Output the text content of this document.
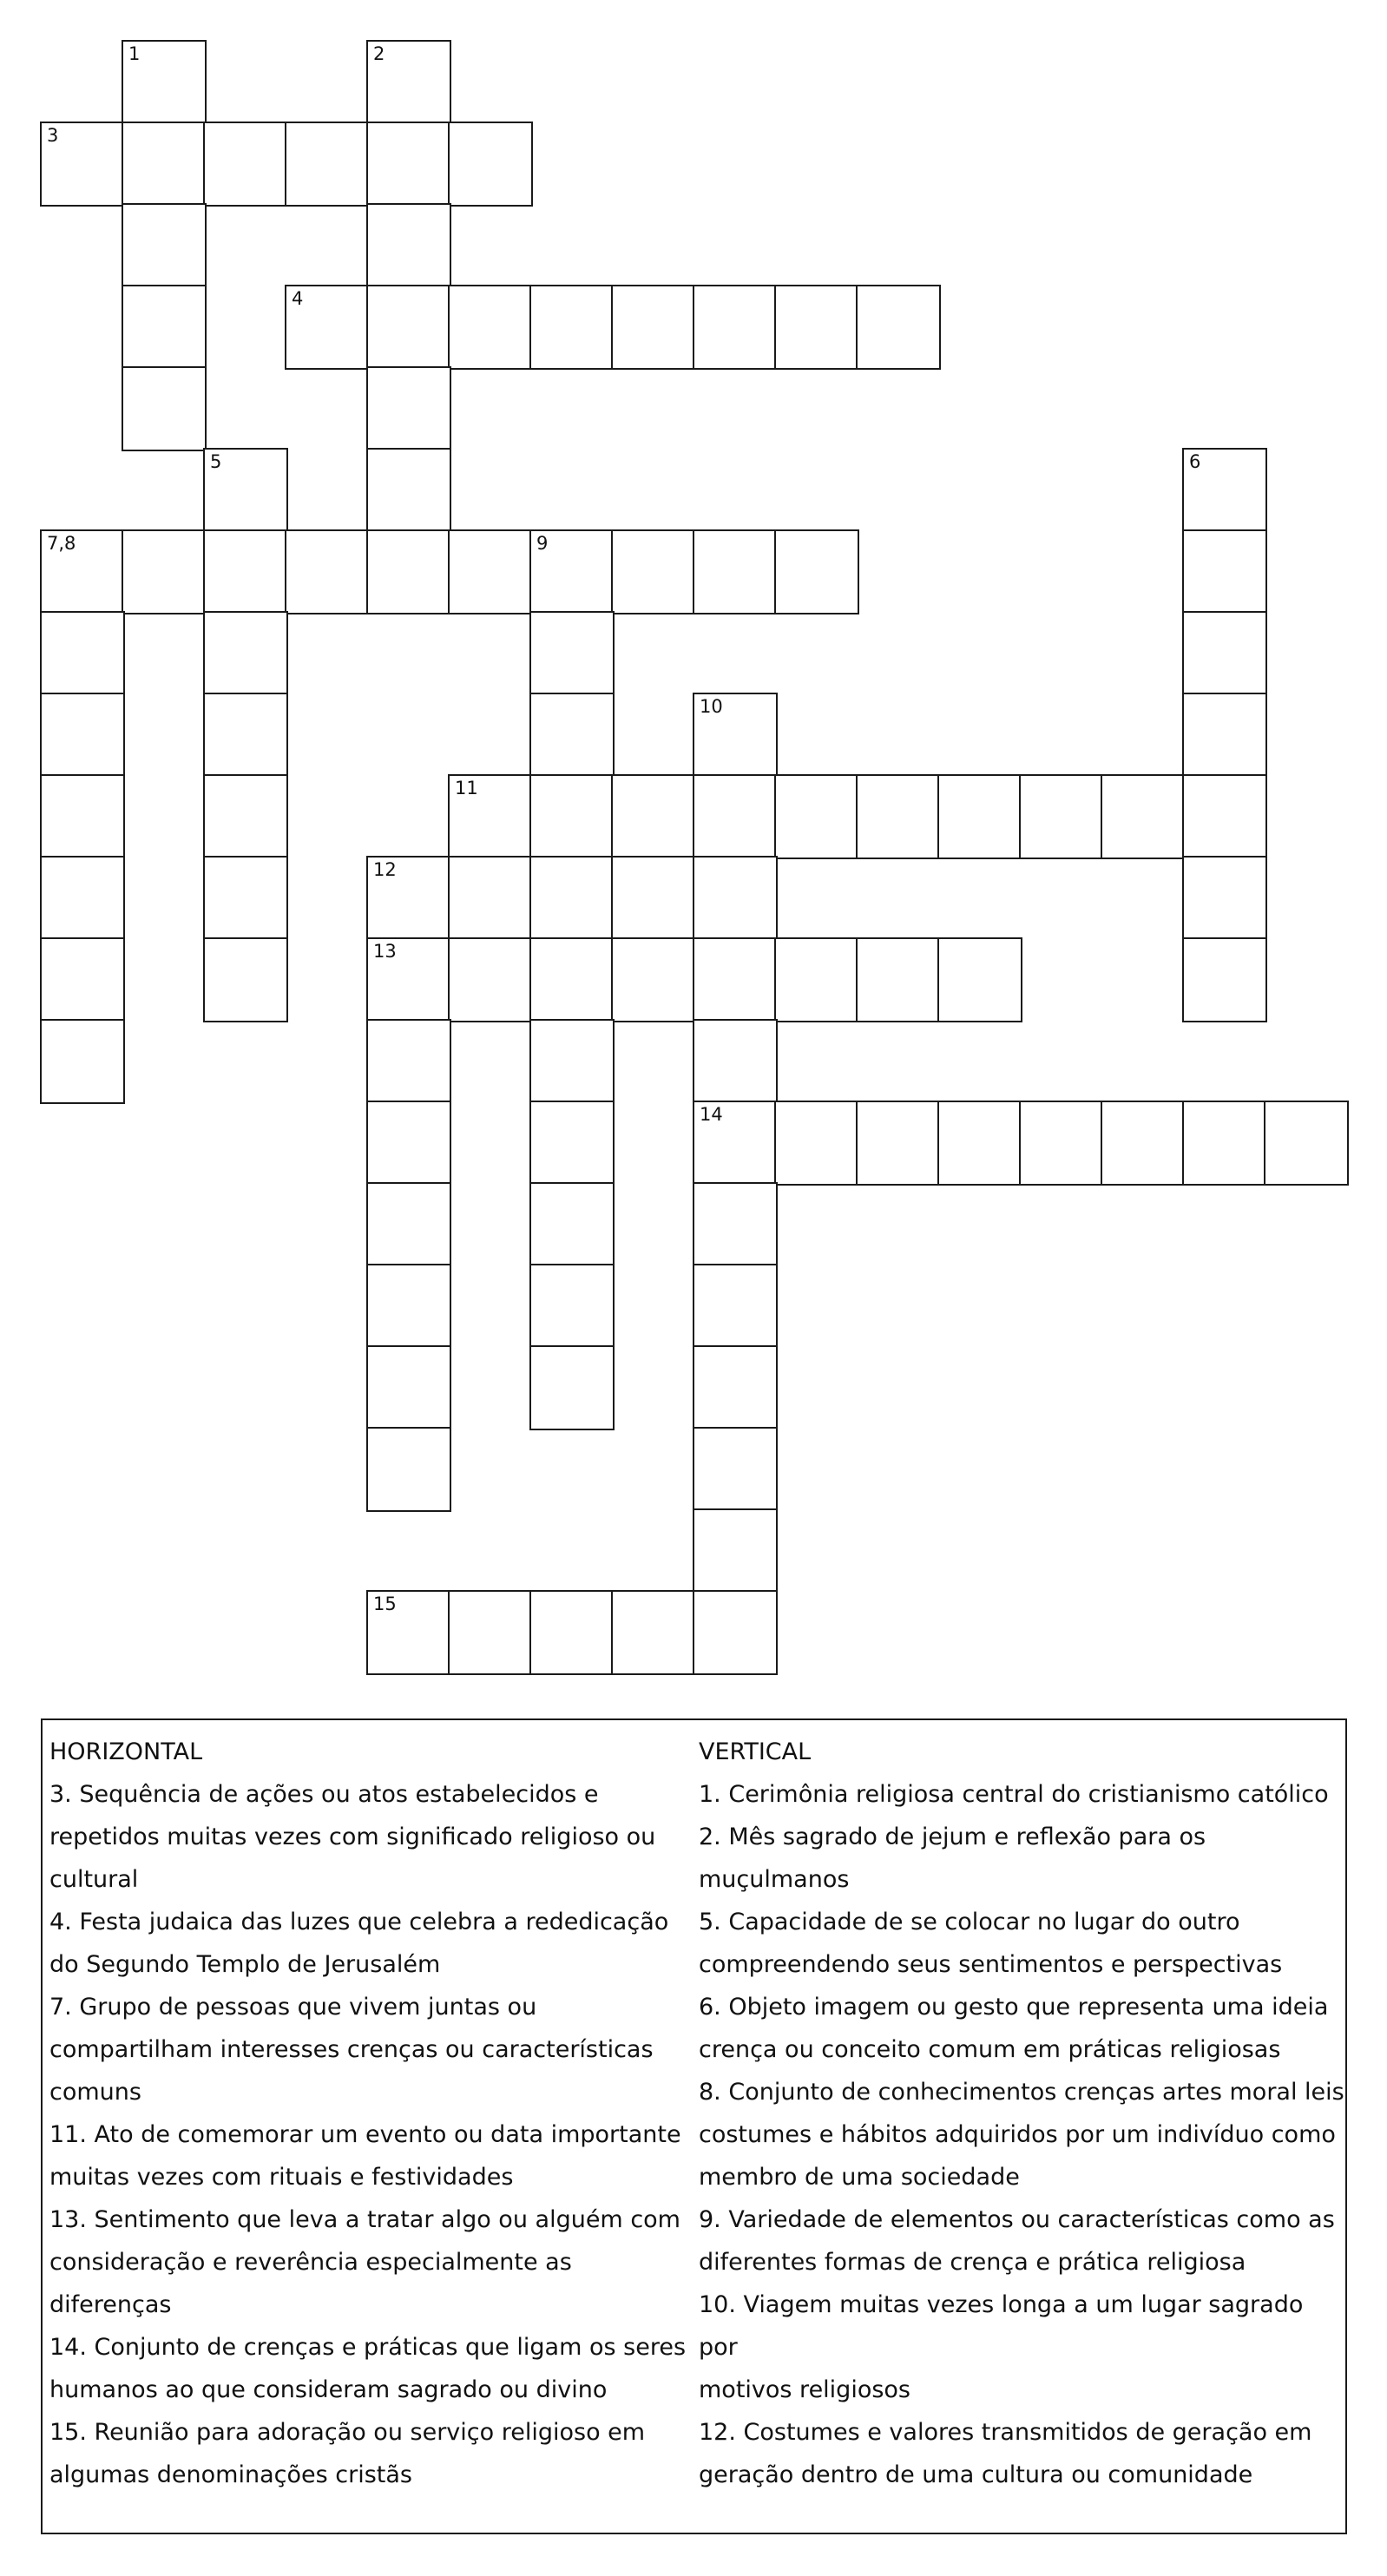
1	2
3
4
5	6
7,8	9
10
11
12
13
14
15
HORIZONTAL
3. Sequência de ações ou atos estabelecidos e
repetidos muitas vezes com significado religioso ou
cultural
4. Festa judaica das luzes que celebra a rededicação
do Segundo Templo de Jerusalém
7. Grupo de pessoas que vivem juntas ou
compartilham interesses crenças ou características
comuns
11. Ato de comemorar um evento ou data importante
muitas vezes com rituais e festividades
13. Sentimento que leva a tratar algo ou alguém com
consideração e reverência especialmente as
diferenças
14. Conjunto de crenças e práticas que ligam os seres
humanos ao que consideram sagrado ou divino
15. Reunião para adoração ou serviço religioso em
algumas denominações cristãs
VERTICAL
1. Cerimônia religiosa central do cristianismo católico
2. Mês sagrado de jejum e reflexão para os
muçulmanos
5. Capacidade de se colocar no lugar do outro
compreendendo seus sentimentos e perspectivas
6. Objeto imagem ou gesto que representa uma ideia
crença ou conceito comum em práticas religiosas
8. Conjunto de conhecimentos crenças artes moral leis
costumes e hábitos adquiridos por um indivíduo como
membro de uma sociedade
9. Variedade de elementos ou características como as
diferentes formas de crença e prática religiosa
10. Viagem muitas vezes longa a um lugar sagrado por
motivos religiosos
12. Costumes e valores transmitidos de geração em
geração dentro de uma cultura ou comunidade
